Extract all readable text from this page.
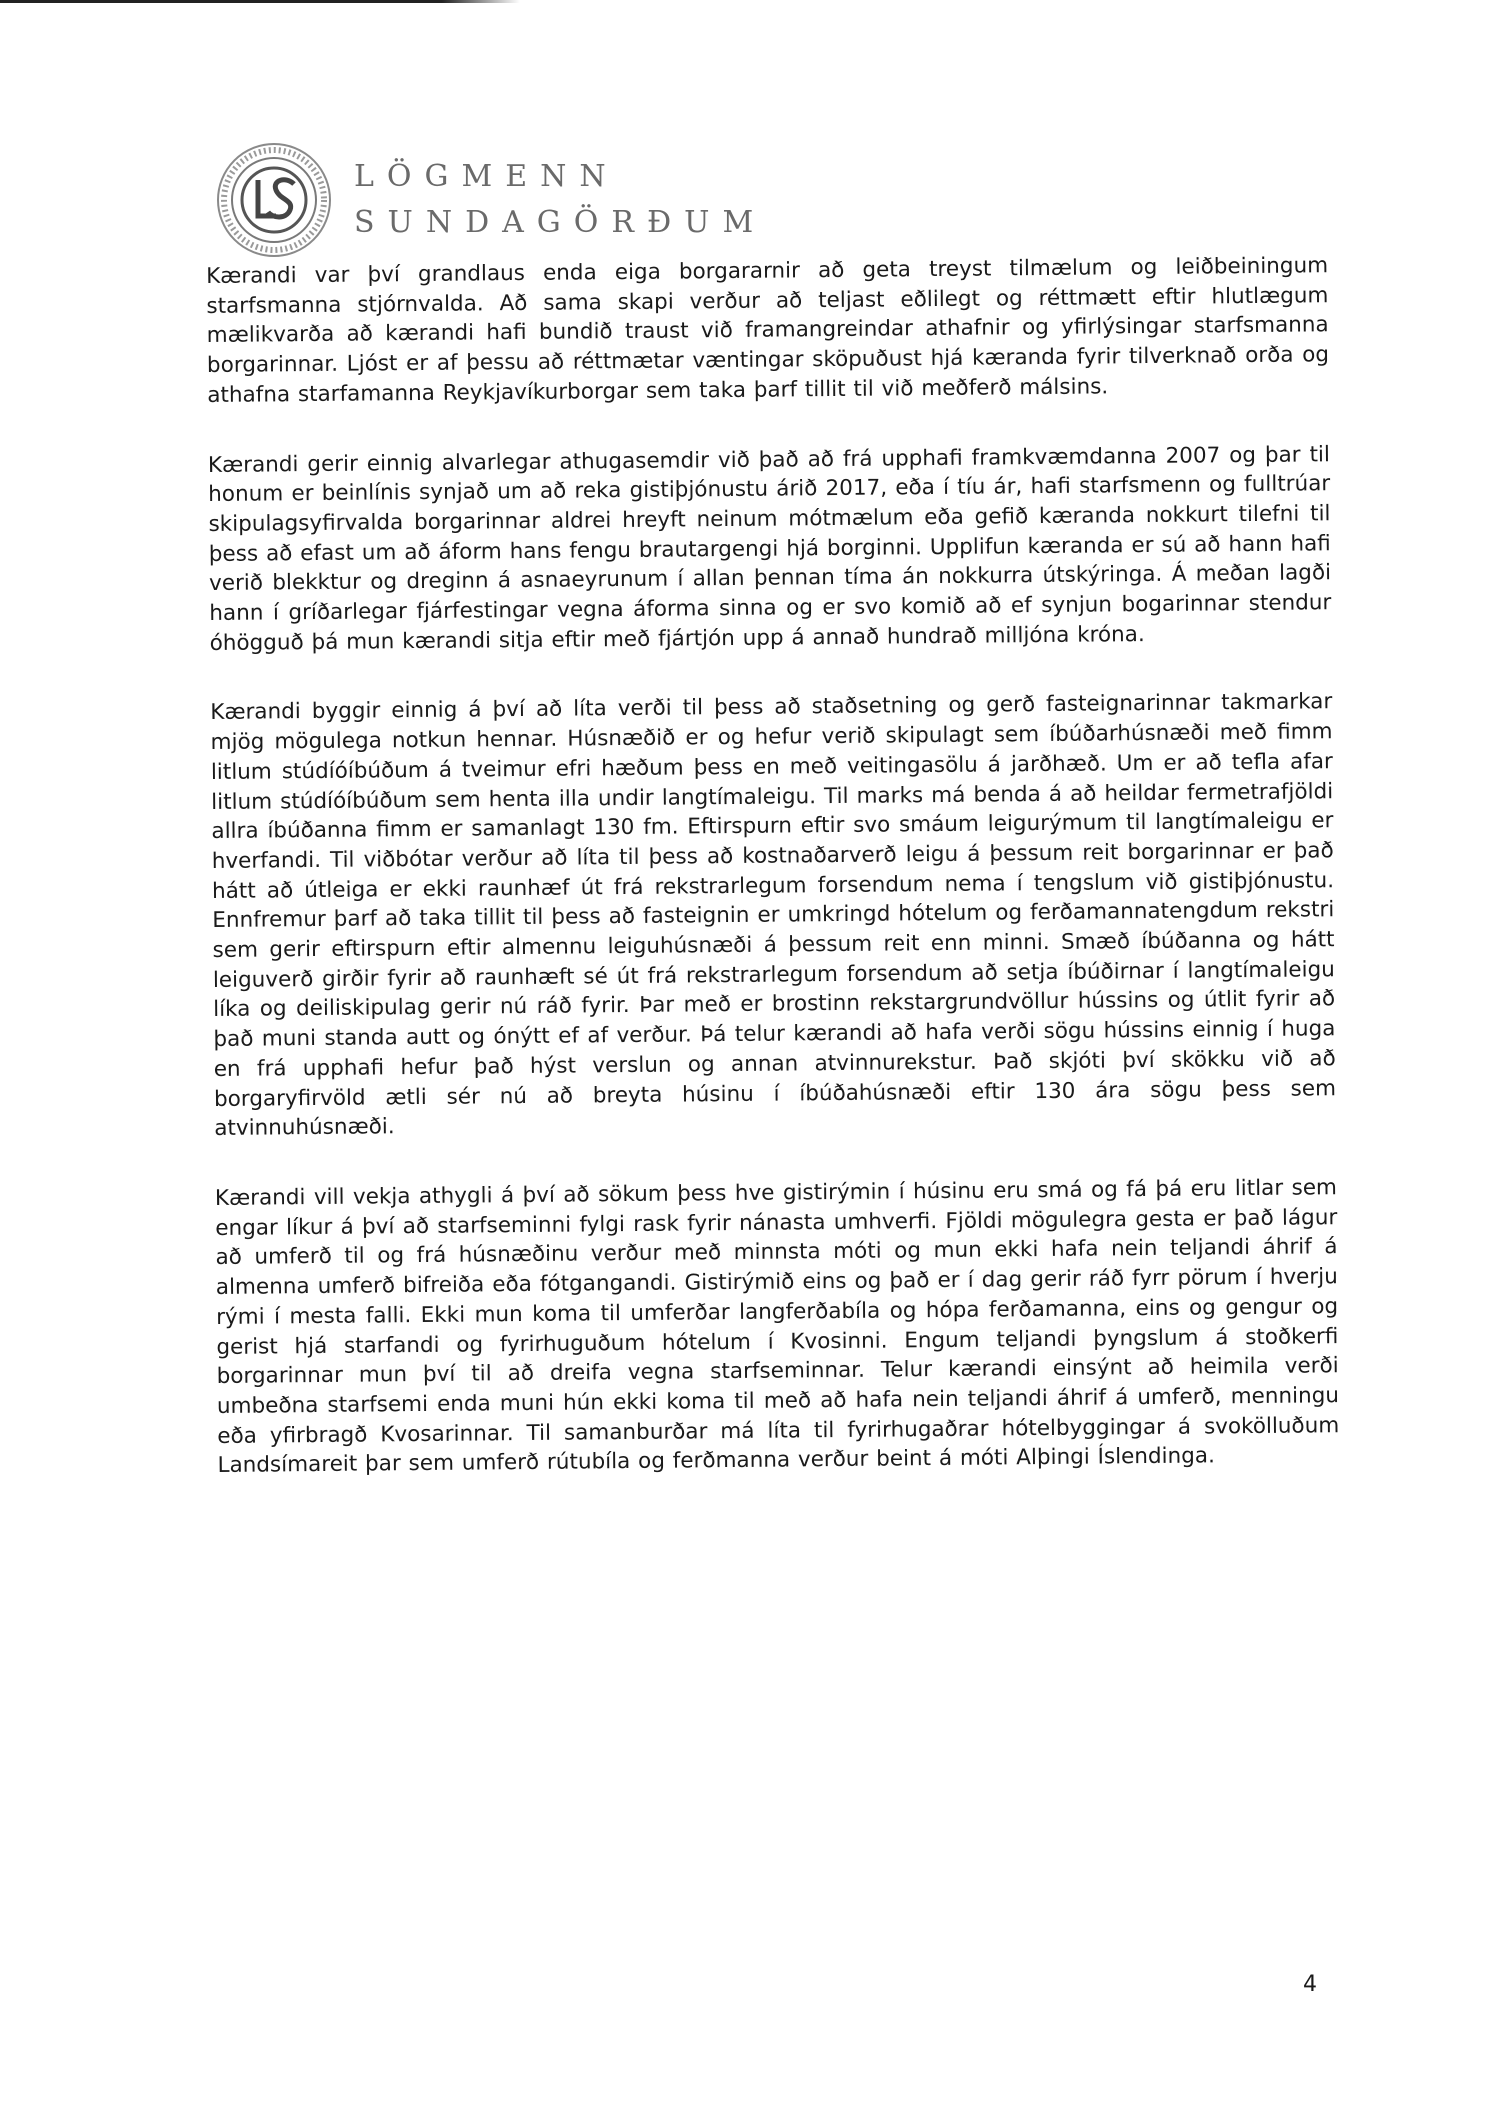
LÖGMENN
SUNDAGÖRÐUM

Kærandi var því grandlaus enda eiga borgararnir að geta treyst tilmælum og leiðbeiningum starfsmanna stjórnvalda. Að sama skapi verður að teljast eðlilegt og réttmætt eftir hlutlægum mælikvarða að kærandi hafi bundið traust við framangreindar athafnir og yfirlýsingar starfsmanna borgarinnar. Ljóst er af þessu að réttmætar væntingar sköpuðust hjá kæranda fyrir tilverknað orða og athafna starfamanna Reykjavíkurborgar sem taka þarf tillit til við meðferð málsins.

Kærandi gerir einnig alvarlegar athugasemdir við það að frá upphafi framkvæmdanna 2007 og þar til honum er beinlínis synjað um að reka gistiþjónustu árið 2017, eða í tíu ár, hafi starfsmenn og fulltrúar skipulagsyfirvalda borgarinnar aldrei hreyft neinum mótmælum eða gefið kæranda nokkurt tilefni til þess að efast um að áform hans fengu brautargengi hjá borginni. Upplifun kæranda er sú að hann hafi verið blekktur og dreginn á asnaeyrunum í allan þennan tíma án nokkurra útskýringa. Á meðan lagði hann í gríðarlegar fjárfestingar vegna áforma sinna og er svo komið að ef synjun bogarinnar stendur óhögguð þá mun kærandi sitja eftir með fjártjón upp á annað hundrað milljóna króna.

Kærandi byggir einnig á því að líta verði til þess að staðsetning og gerð fasteignarinnar takmarkar mjög mögulega notkun hennar. Húsnæðið er og hefur verið skipulagt sem íbúðarhúsnæði með fimm litlum stúdíóíbúðum á tveimur efri hæðum þess en með veitingasölu á jarðhæð. Um er að tefla afar litlum stúdíóíbúðum sem henta illa undir langtímaleigu. Til marks má benda á að heildar fermetrafjöldi allra íbúðanna fimm er samanlagt 130 fm. Eftirspurn eftir svo smáum leigurýmum til langtímaleigu er hverfandi. Til viðbótar verður að líta til þess að kostnaðarverð leigu á þessum reit borgarinnar er það hátt að útleiga er ekki raunhæf út frá rekstrarlegum forsendum nema í tengslum við gistiþjónustu. Ennfremur þarf að taka tillit til þess að fasteignin er umkringd hótelum og ferðamannatengdum rekstri sem gerir eftirspurn eftir almennu leiguhúsnæði á þessum reit enn minni. Smæð íbúðanna og hátt leiguverð girðir fyrir að raunhæft sé út frá rekstrarlegum forsendum að setja íbúðirnar í langtímaleigu líka og deiliskipulag gerir nú ráð fyrir. Þar með er brostinn rekstargrundvöllur hússins og útlit fyrir að það muni standa autt og ónýtt ef af verður. Þá telur kærandi að hafa verði sögu hússins einnig í huga en frá upphafi hefur það hýst verslun og annan atvinnurekstur. Það skjóti því skökku við að borgaryfirvöld ætli sér nú að breyta húsinu í íbúðahúsnæði eftir 130 ára sögu þess sem atvinnuhúsnæði.

Kærandi vill vekja athygli á því að sökum þess hve gistirýmin í húsinu eru smá og fá þá eru litlar sem engar líkur á því að starfseminni fylgi rask fyrir nánasta umhverfi. Fjöldi mögulegra gesta er það lágur að umferð til og frá húsnæðinu verður með minnsta móti og mun ekki hafa nein teljandi áhrif á almenna umferð bifreiða eða fótgangandi. Gistirýmið eins og það er í dag gerir ráð fyrr pörum í hverju rými í mesta falli. Ekki mun koma til umferðar langferðabíla og hópa ferðamanna, eins og gengur og gerist hjá starfandi og fyrirhuguðum hótelum í Kvosinni. Engum teljandi þyngslum á stoðkerfi borgarinnar mun því til að dreifa vegna starfseminnar. Telur kærandi einsýnt að heimila verði umbeðna starfsemi enda muni hún ekki koma til með að hafa nein teljandi áhrif á umferð, menningu eða yfirbragð Kvosarinnar. Til samanburðar má líta til fyrirhugaðrar hótelbyggingar á svokölluðum Landsímareit þar sem umferð rútubíla og ferðmanna verður beint á móti Alþingi Íslendinga.

4
